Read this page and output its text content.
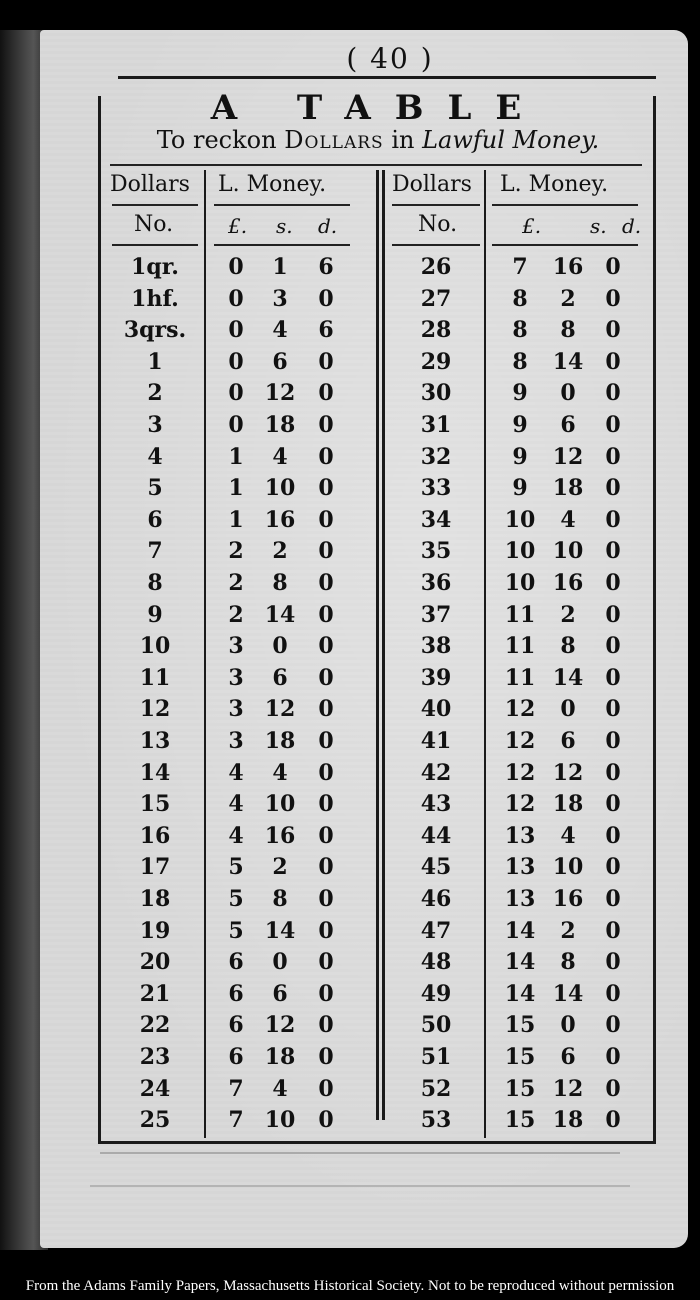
( 40 )
A TABLE
To reckon Dollars in Lawful Money.
Dollars L. Money.
No.	£. s. d.
Dollars L. Money.
No.	£. s. d.
1qr.	0	1	6
1hf.	0	3	0
3qrs.	0	4	6
1	0	6	0
2	0 12	0
3	0 18	0
4	1	4	0
5	1 10	0
6	1 16	0
7	2	2	0
8	2	8	0
9	2 14	0
10	3	0	0
11	3	6	0
12	3 12	0
13	3 18	0
14	4	4	0
15	4 10	0
16	4 16	0
17	5	2	0
18	5	8	0
19	5 14	0
20	6	0	0
21	6	6	0
22	6 12	0
23	6 18	0
24	7	4	0
25	7 10	0
26	7	16	0
27	8	2	0
28	8	8	0
29	8	14	0
30	9	0	0
31	9	6	0
32	9	12	0
33	9	18	0
34	10	4	0
35	10 10	0
36	10 16	0
37	11	2	0
38	11	8	0
39	11 14	0
40	12	0	0
41	12	6	0
42	12 12	0
43	12 18	0
44	13	4	0
45	13 10	0
46	13 16	0
47	14	2	0
48	14	8	0
49	14 14	0
50	15	0	0
51	15	6	0
52	15 12	0
53	15 18	0
From the Adams Family Papers, Massachusetts Historical Society. Not to be reproduced without permission
